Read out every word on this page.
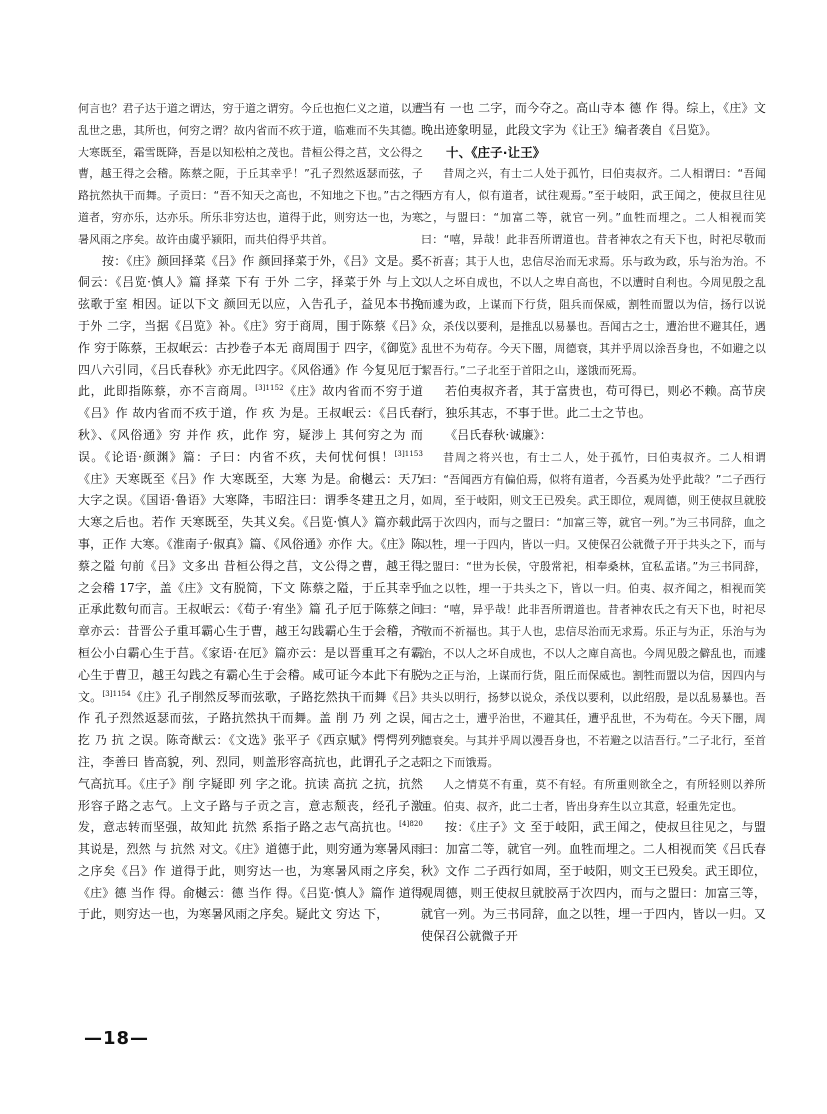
何言也？君子达于道之谓达，穷于道之谓穷。今丘也抱仁义之道，以遭乱世之患，其所也，何穷之谓？故内省而不疚于道，临难而不失其德。大寒既至，霜雪既降，吾是以知松柏之茂也。昔桓公得之莒，文公得之曹，越王得之会稽。陈蔡之阨，于丘其幸乎！”孔子烈然返瑟而弦，子路抗然执干而舞。子贡曰：“吾不知天之高也，不知地之下也。”古之得道者，穷亦乐，达亦乐。所乐非穷达也，道得于此，则穷达一也，为寒暑风雨之序矣。故许由虞乎颍阳，而共伯得乎共首。

按：《庄》颜回择菜《吕》作 颜回择菜于外，《吕》文是。奚侗云：《吕览·慎人》篇 择菜 下有 于外 二字，择菜于外 与上文 弦歌于室 相因。证以下文 颜回无以应，入告孔子，益见本书挽 于外 二字，当据《吕览》补。《庄》穷于商周，围于陈蔡《吕》作 穷于陈蔡，王叔岷云：古抄卷子本无 商周围于 四字，《御览》四八六引同，《吕氏春秋》亦无此四字。《风俗通》作 今复见厄于此，此即指陈蔡，亦不言商周。$^{[3]1152}$《庄》故内省而不穷于道《吕》作 故内省而不疚于道，作 疚 为是。王叔岷云：《吕氏春秋》、《风俗通》穷 并作 疚，此作 穷，疑涉上 其何穷之为 而误。《论语·颜渊》篇：子曰：内省不疚，夫何忧何惧！$^{[3]1153}$《庄》天寒既至《吕》作 大寒既至，大寒 为是。俞樾云：天乃大字之误。《国语·鲁语》大寒降，韦昭注曰：谓季冬建丑之月，大寒之后也。若作 天寒既至，失其义矣。《吕览·慎人》篇亦载此事，正作 大寒。《淮南子·俶真》篇、《风俗通》亦作 大。《庄》陈蔡之隘 句前《吕》文多出 昔桓公得之莒，文公得之曹，越王得之会稽 17字，盖《庄》文有脱简，下文 陈蔡之隘，于丘其幸乎 正承此数句而言。王叔岷云：《荀子·宥坐》篇 孔子厄于陈蔡之间 章亦云：昔晋公子重耳霸心生于曹，越王勾践霸心生于会稽，齐桓公小白霸心生于莒。《家语·在厄》篇亦云：是以晋重耳之有霸心生于曹卫，越王勾践之有霸心生于会稽。咸可证今本此下有脱文。$^{[3]1154}$《庄》孔子削然反琴而弦歌，子路扢然执干而舞《吕》作 孔子烈然返瑟而弦，子路抗然执干而舞。盖 削 乃 列 之误，扢 乃 抗 之误。陈奇猷云：《文选》张平子《西京赋》愕愕列列 注，李善曰 皆高貌，列、烈同，则盖形容高抗也，此谓孔子之志气高抗耳。《庄子》削 字疑即 列 字之讹。抗读 高抗 之抗，抗然 形容子路之志气。上文子路与子贡之言，意志颓丧，经孔子激发，意志转而坚强，故知此 抗然 系指子路之志气高抗也。$^{[4]820}$其说是，烈然 与 抗然 对文。《庄》道德于此，则穷通为寒暑风雨之序矣《吕》作 道得于此，则穷达一也，为寒暑风雨之序矣，《庄》德 当作 得。俞樾云：德 当作 得。《吕览·慎人》篇作 道得于此，则穷达一也，为寒暑风雨之序矣。疑此文 穷达 下，

当有 一也 二字，而今夺之。高山寺本 德 作 得。综上，《庄》文晚出迹象明显，此段文字为《让王》编者袭自《吕览》。

十、《庄子·让王》

昔周之兴，有士二人处于孤竹，曰伯夷叔齐。二人相谓曰：“吾闻西方有人，似有道者，试往观焉。”至于岐阳，武王闻之，使叔旦往见之，与盟曰：“加富二等，就官一列。”血牲而埋之。二人相视而笑曰：“嘻，异哉！此非吾所谓道也。昔者神农之有天下也，时祀尽敬而不祈喜；其于人也，忠信尽治而无求焉。乐与政为政，乐与治为治。不以人之坏自成也，不以人之卑自高也，不以遭时自利也。今周见殷之乱而遽为政，上谋而下行货，阻兵而保威，割牲而盟以为信，扬行以说众，杀伐以要利，是推乱以易暴也。吾闻古之士，遭治世不避其任，遇乱世不为苟存。今天下闇，周德衰，其并乎周以涂吾身也，不如避之以絜吾行。”二子北至于首阳之山，遂饿而死焉。

若伯夷叔齐者，其于富贵也，苟可得已，则必不赖。高节戾行，独乐其志，不事于世。此二士之节也。

《吕氏春秋·诚廉》：

昔周之将兴也，有士二人，处于孤竹，曰伯夷叔齐。二人相谓曰：“吾闻西方有偏伯焉，似将有道者，今吾奚为处乎此哉？”二子西行如周，至于岐阳，则文王已殁矣。武王即位，观周德，则王使叔旦就胶鬲于次四内，而与之盟曰：“加富三等，就官一列。”为三书同辞，血之以牲，埋一于四内，皆以一归。又使保召公就微子开于共头之下，而与之盟曰：“世为长侯，守殷常祀，相奉桑林，宜私孟诸。”为三书同辞，血之以牲，埋一于共头之下，皆以一归。伯夷、叔齐闻之，相视而笑曰：“嘻，异乎哉！此非吾所谓道也。昔者神农氏之有天下也，时祀尽敬而不祈福也。其于人也，忠信尽治而无求焉。乐正与为正，乐治与为治，不以人之坏自成也，不以人之庳自高也。今周见殷之僻乱也，而遽为之正与治，上谋而行货，阻丘而保威也。割牲而盟以为信，因四内与共头以明行，扬梦以说众，杀伐以要利，以此绍殷，是以乱易暴也。吾闻古之士，遭乎治世，不避其任，遭乎乱世，不为苟在。今天下闇，周德衰矣。与其并乎周以漫吾身也，不若避之以洁吾行。”二子北行，至首阳之下而饿焉。

人之情莫不有重，莫不有轻。有所重则欲全之，有所轻则以养所重。伯夷、叔齐，此二士者，皆出身弃生以立其意，轻重先定也。

按：《庄子》文 至于岐阳，武王闻之，使叔旦往见之，与盟曰：加富二等，就官一列。血牲而埋之。二人相视而笑《吕氏春秋》文作 二子西行如周，至于岐阳，则文王已殁矣。武王即位，观周德，则王使叔旦就胶鬲于次四内，而与之盟曰：加富三等，就官一列。为三书同辞，血之以牲，埋一于四内，皆以一归。又使保召公就微子开

—18—
